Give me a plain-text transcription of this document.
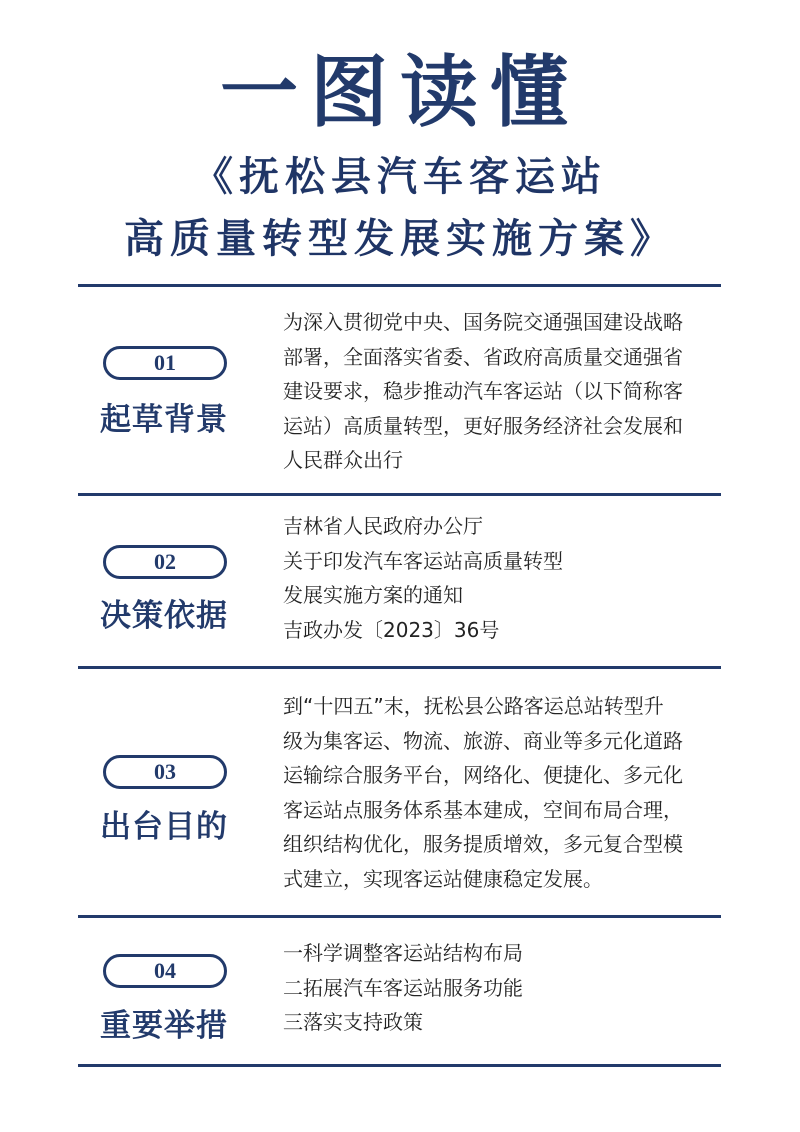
一图读懂
《抚松县汽车客运站
高质量转型发展实施方案》
01
起草背景
为深入贯彻党中央、国务院交通强国建设战略
部署，全面落实省委、省政府高质量交通强省
建设要求，稳步推动汽车客运站（以下简称客
运站）高质量转型，更好服务经济社会发展和
人民群众出行
02
决策依据
吉林省人民政府办公厅
关于印发汽车客运站高质量转型
发展实施方案的通知
吉政办发〔2023〕36号
03
出台目的
到“十四五”末，抚松县公路客运总站转型升
级为集客运、物流、旅游、商业等多元化道路
运输综合服务平台，网络化、便捷化、多元化
客运站点服务体系基本建成，空间布局合理，
组织结构优化，服务提质增效，多元复合型模
式建立，实现客运站健康稳定发展。
04
重要举措
一科学调整客运站结构布局
二拓展汽车客运站服务功能
三落实支持政策
